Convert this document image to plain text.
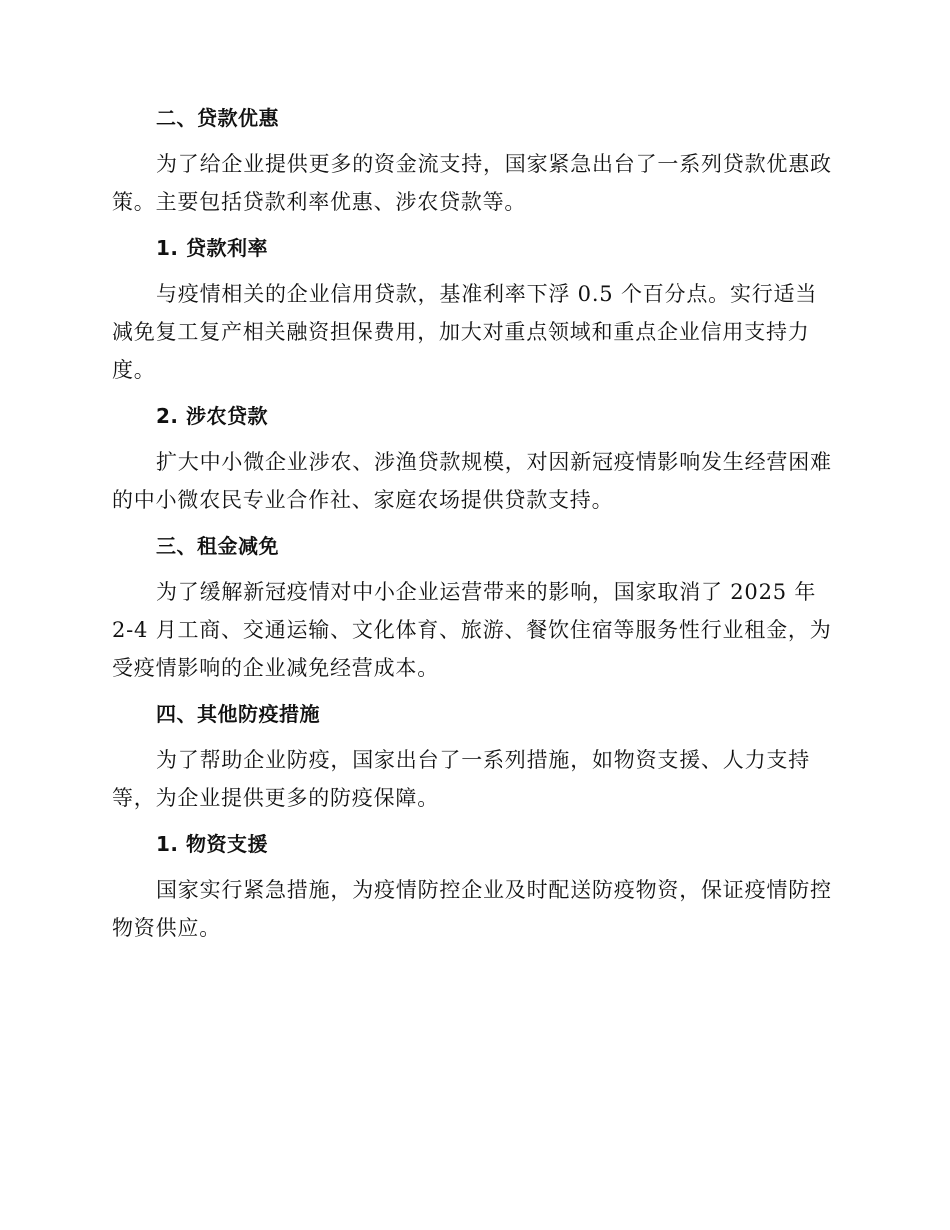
二、贷款优惠
为了给企业提供更多的资金流支持，国家紧急出台了一系列贷款优惠政策。主要包括贷款利率优惠、涉农贷款等。
1. 贷款利率
与疫情相关的企业信用贷款，基准利率下浮 0.5 个百分点。实行适当减免复工复产相关融资担保费用，加大对重点领域和重点企业信用支持力度。
2. 涉农贷款
扩大中小微企业涉农、涉渔贷款规模，对因新冠疫情影响发生经营困难的中小微农民专业合作社、家庭农场提供贷款支持。
三、租金减免
为了缓解新冠疫情对中小企业运营带来的影响，国家取消了 2025 年 2-4 月工商、交通运输、文化体育、旅游、餐饮住宿等服务性行业租金，为受疫情影响的企业减免经营成本。
四、其他防疫措施
为了帮助企业防疫，国家出台了一系列措施，如物资支援、人力支持等，为企业提供更多的防疫保障。
1. 物资支援
国家实行紧急措施，为疫情防控企业及时配送防疫物资，保证疫情防控物资供应。
